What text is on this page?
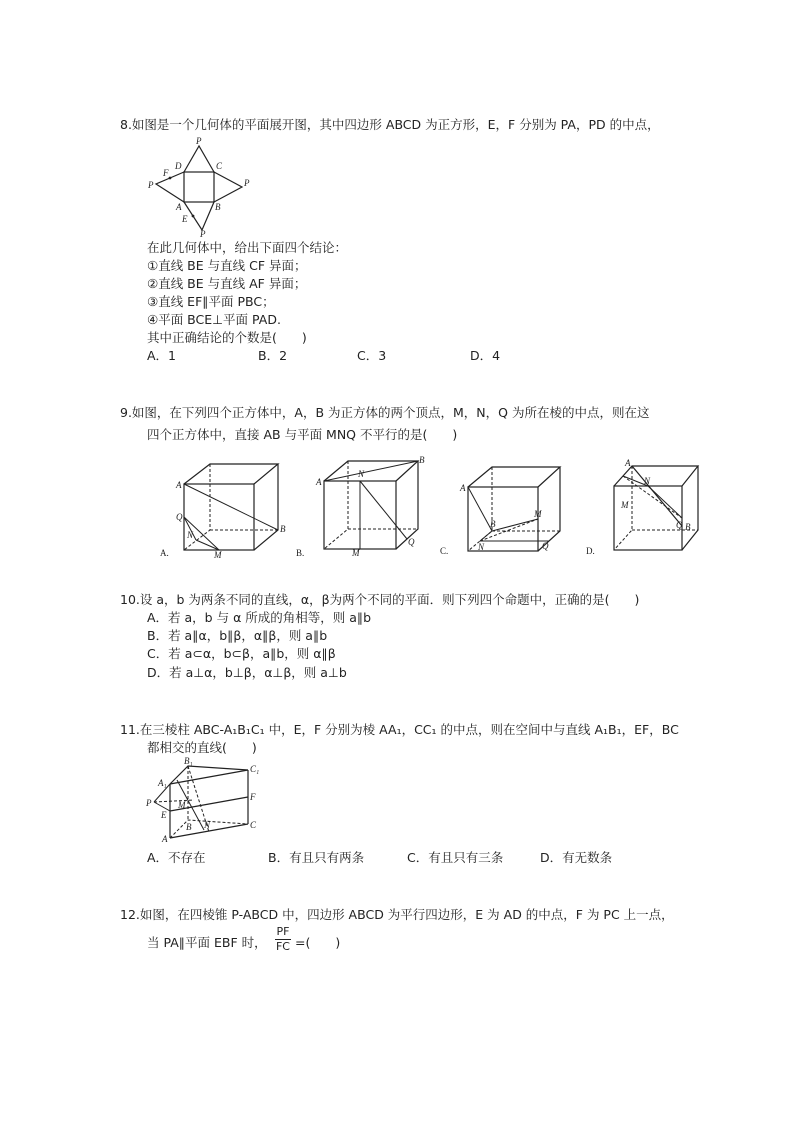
8.如图是一个几何体的平面展开图，其中四边形 ABCD 为正方形，E，F 分别为 PA，PD 的中点，
P
D	C
P
F
P
A	B
E
P
在此几何体中，给出下面四个结论：
①直线 BE 与直线 CF 异面；
②直线 BE 与直线 AF 异面；
③直线 EF∥平面 PBC；
④平面 BCE⊥平面 PAD.
其中正确结论的个数是(　　)
A．1	B．2	C．3	D．4
9.如图，在下列四个正方体中，A，B 为正方体的两个顶点，M，N，Q 为所在棱的中点，则在这
四个正方体中，直接 AB 与平面 MNQ 不平行的是(　　)
A
B
Q
N
M
A.
A
B
N
Q
M
B.
A
B
M
N	Q
C.
A
N
M
Q B
D.
10.设 a，b 为两条不同的直线，α，β为两个不同的平面．则下列四个命题中，正确的是(　　)
A．若 a，b 与 α 所成的角相等，则 a∥b
B．若 a∥α，b∥β，α∥β，则 a∥b
C．若 a⊂α，b⊂β，a∥b，则 α∥β
D．若 a⊥α，b⊥β，α⊥β，则 a⊥b
11.在三棱柱 ABC-A₁B₁C₁ 中，E，F 分别为棱 AA₁，CC₁ 的中点，则在空间中与直线 A₁B₁，EF，BC
都相交的直线(　　)
B₁
C₁
A₁
P	M
F
E
B N	C
A
A．不存在	B．有且只有两条	C．有且只有三条	D．有无数条
12.如图，在四棱锥 P-ABCD 中，四边形 ABCD 为平行四边形，E 为 AD 的中点，F 为 PC 上一点，
当 PA∥平面 EBF 时，
PF
FC =(　　)
